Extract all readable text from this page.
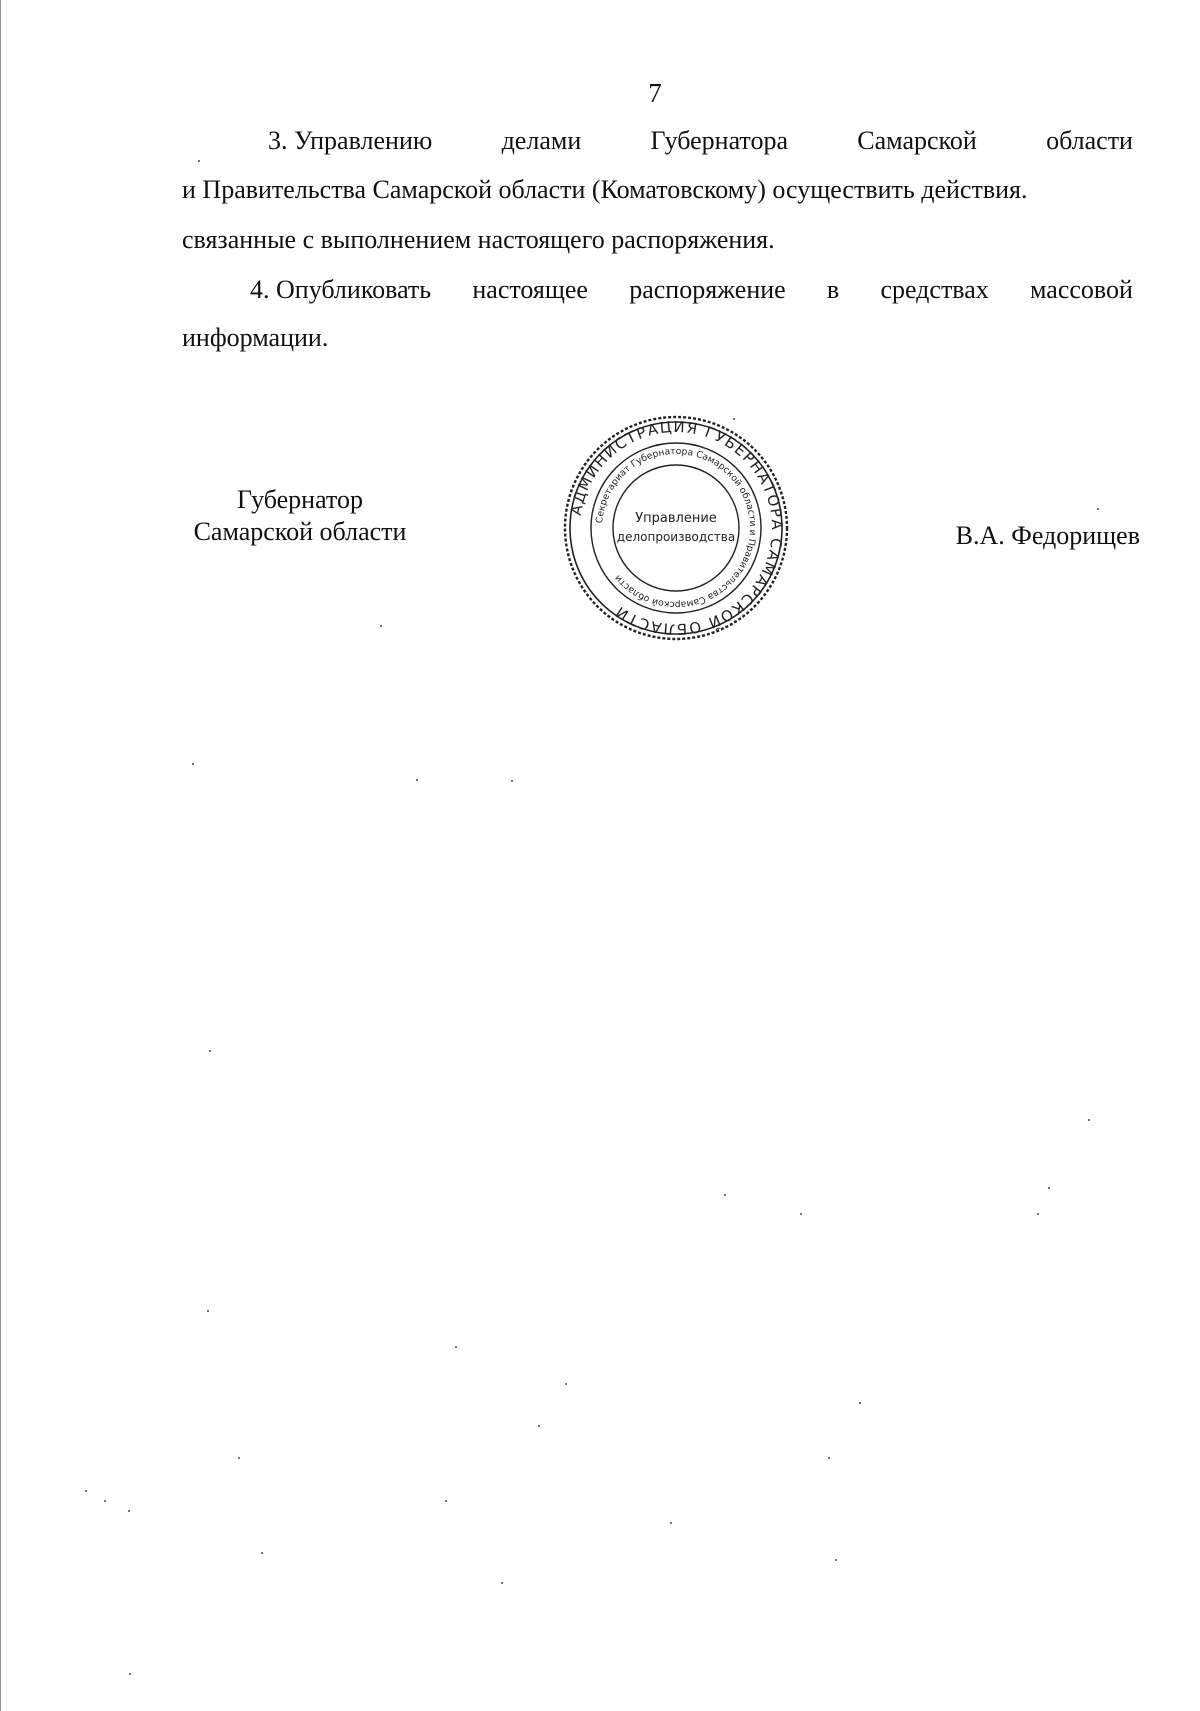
7
3. Управлению	делами	Губернатора	Самарской	области
и Правительства Самарской области (Коматовскому) осуществить действия.
связанные с выполнением настоящего распоряжения.
4. Опубликовать настоящее распоряжение в средствах массовой
информации.
Губернатор
Самарской области
АДМИНИСТРАЦИЯ ГУБЕРНАТОРА САМАРСКОЙ ОБЛАСТИ
Секретариат Губернатора Самарской области и Правительства Самарской области
Управление
делопроизводства	В.А. Федорищев
